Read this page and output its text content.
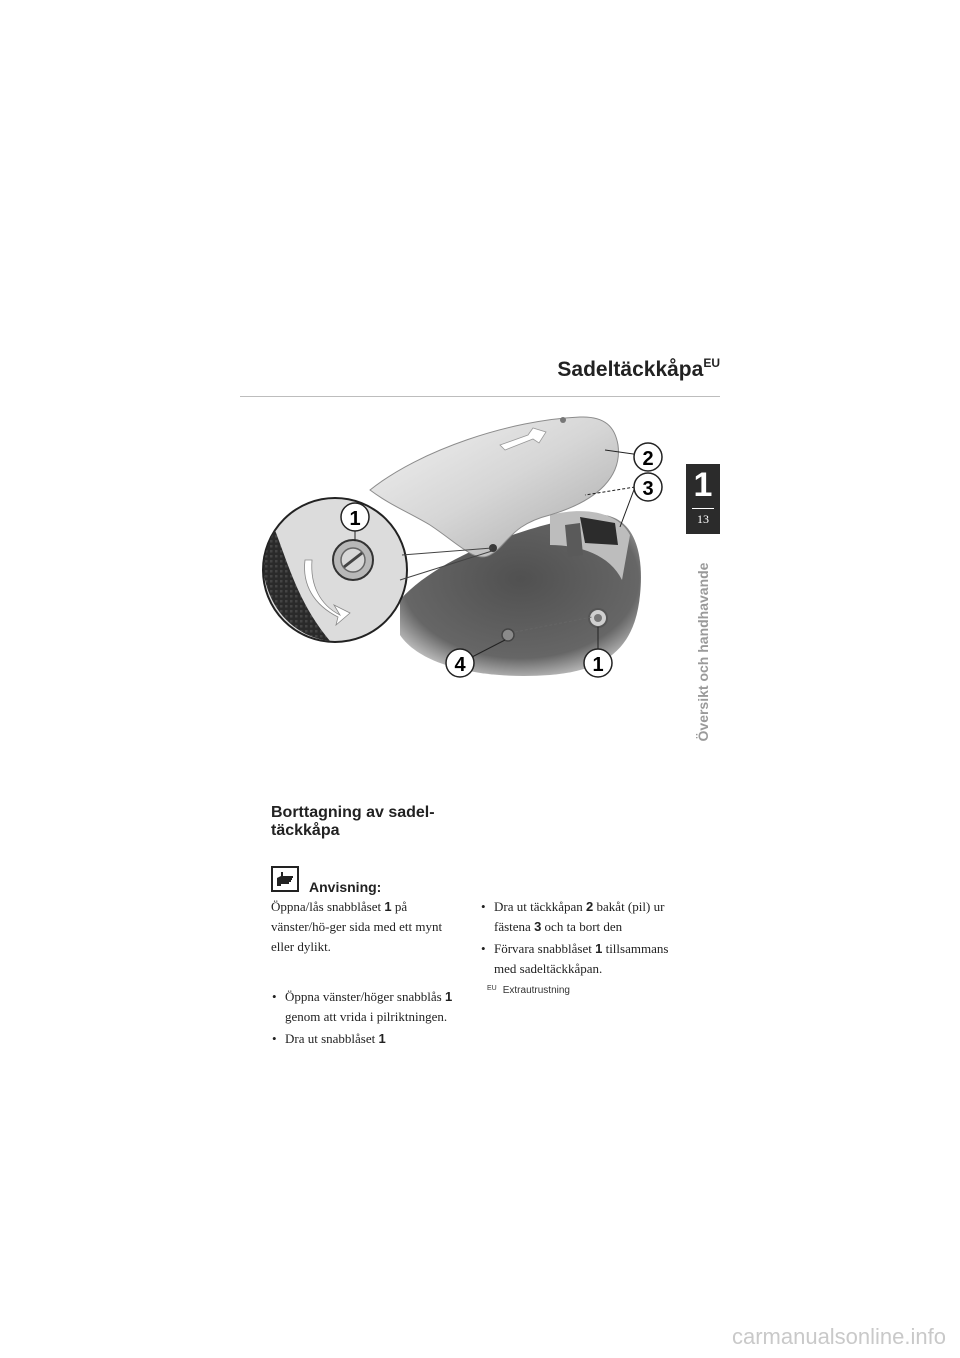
Sadeltäckkåpa$^{EU}$
1
13
Översikt och handhavande
2
3
1
4	1
Borttagning av sadel-täckkåpa
Anvisning:

Öppna/lås snabblåset 1 på vänster/hö-ger sida med ett mynt eller dylikt.

• Öppna vänster/höger snabblås 1 genom att vrida i pilriktningen.
• Dra ut snabblåset 1
• Dra ut täckkåpan 2 bakåt (pil) ur fästena 3 och ta bort den
• Förvara snabblåset 1 tillsammans med sadeltäckkåpan.
$^{EU}$ Extrautrustning
carmanualsonline.info
